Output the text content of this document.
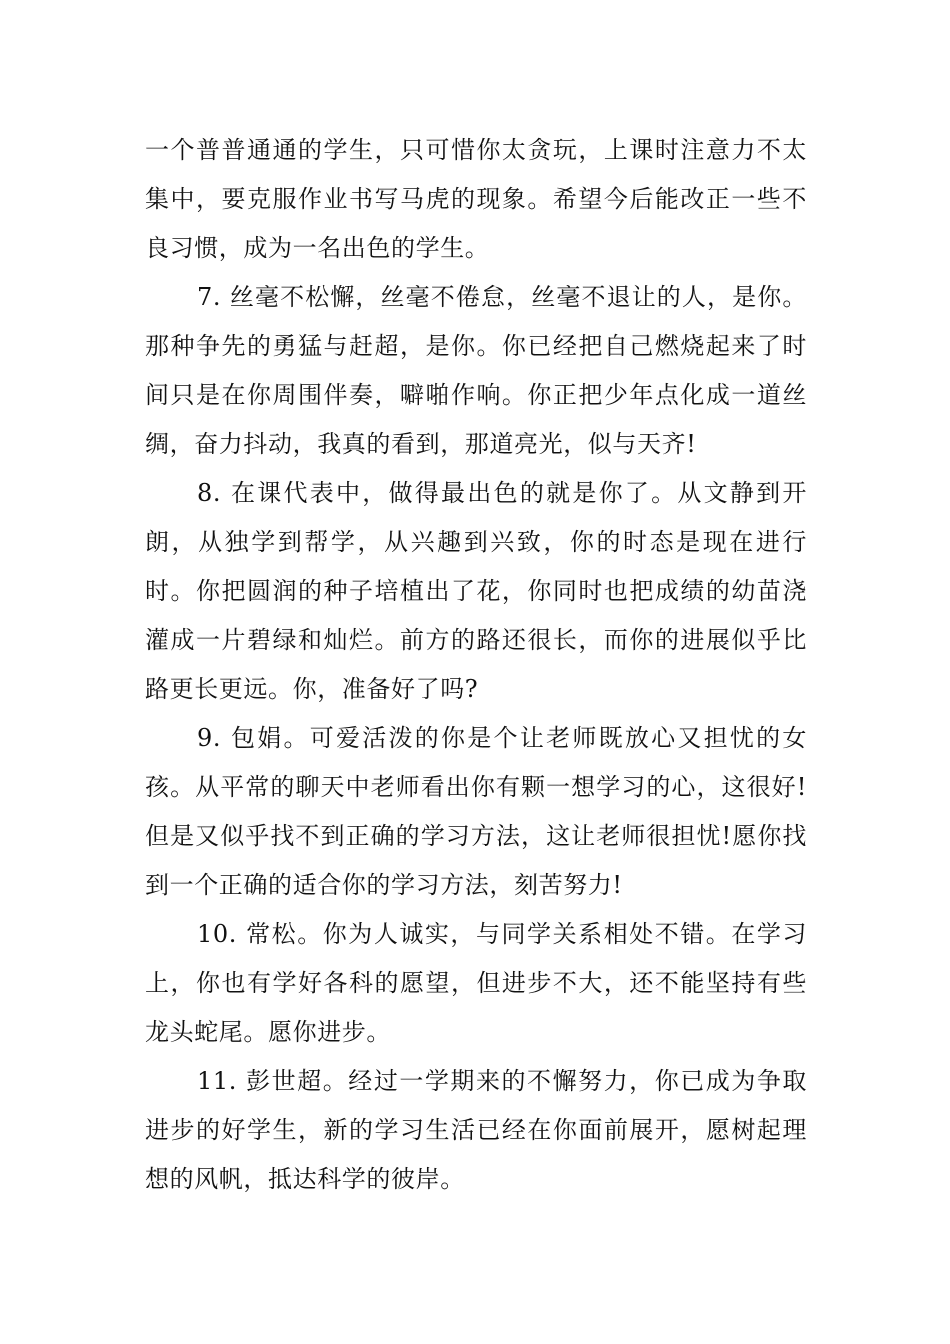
一个普普通通的学生，只可惜你太贪玩，上课时注意力不太集中，要克服作业书写马虎的现象。希望今后能改正一些不良习惯，成为一名出色的学生。

7. 丝毫不松懈，丝毫不倦怠，丝毫不退让的人，是你。那种争先的勇猛与赶超，是你。你已经把自己燃烧起来了时间只是在你周围伴奏，噼啪作响。你正把少年点化成一道丝绸，奋力抖动，我真的看到，那道亮光，似与天齐!

8. 在课代表中，做得最出色的就是你了。从文静到开朗，从独学到帮学，从兴趣到兴致，你的时态是现在进行时。你把圆润的种子培植出了花，你同时也把成绩的幼苗浇灌成一片碧绿和灿烂。前方的路还很长，而你的进展似乎比路更长更远。你，准备好了吗?

9. 包娟。可爱活泼的你是个让老师既放心又担忧的女孩。从平常的聊天中老师看出你有颗一想学习的心，这很好!但是又似乎找不到正确的学习方法，这让老师很担忧!愿你找到一个正确的适合你的学习方法，刻苦努力!

10. 常松。你为人诚实，与同学关系相处不错。在学习上，你也有学好各科的愿望，但进步不大，还不能坚持有些龙头蛇尾。愿你进步。

11. 彭世超。经过一学期来的不懈努力，你已成为争取进步的好学生，新的学习生活已经在你面前展开，愿树起理想的风帆，抵达科学的彼岸。
